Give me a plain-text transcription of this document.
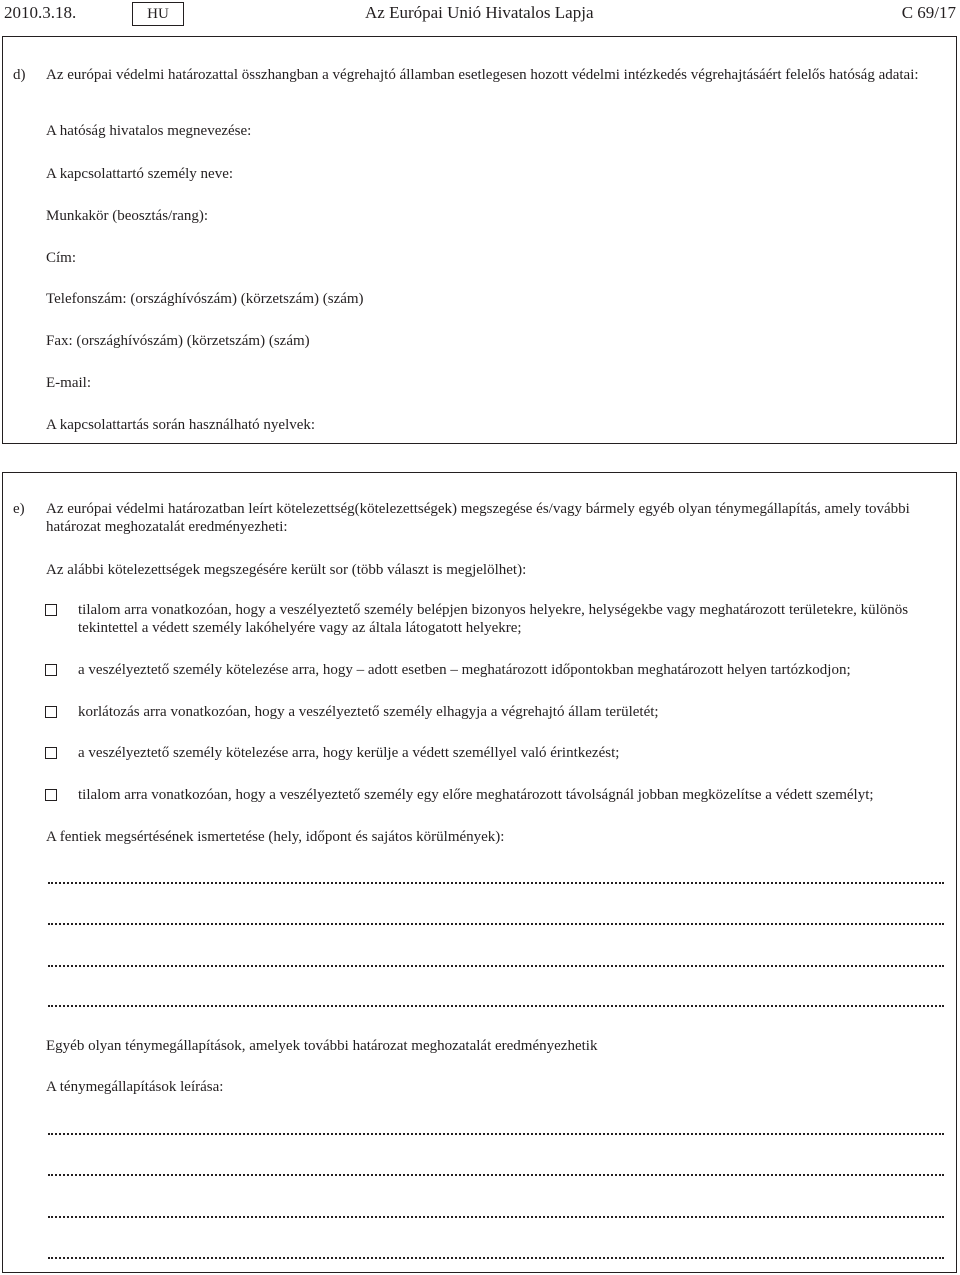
2010.3.18.	HU	Az Európai Unió Hivatalos Lapja	C 69/17
d) Az európai védelmi határozattal összhangban a végrehajtó államban esetlegesen hozott védelmi intézkedés végrehajtásáért felelős hatóság adatai:
A hatóság hivatalos megnevezése:
A kapcsolattartó személy neve:
Munkakör (beosztás/rang):
Cím:
Telefonszám: (országhívószám) (körzetszám) (szám)
Fax: (országhívószám) (körzetszám) (szám)
E-mail:
A kapcsolattartás során használható nyelvek:
e) Az európai védelmi határozatban leírt kötelezettség(kötelezettségek) megszegése és/vagy bármely egyéb olyan ténymegállapítás, amely további határozat meghozatalát eredményezheti:
Az alábbi kötelezettségek megszegésére került sor (több választ is megjelölhet):
tilalom arra vonatkozóan, hogy a veszélyeztető személy belépjen bizonyos helyekre, helységekbe vagy meghatározott területekre, különös tekintettel a védett személy lakóhelyére vagy az általa látogatott helyekre;
a veszélyeztető személy kötelezése arra, hogy – adott esetben – meghatározott időpontokban meghatározott helyen tartózkodjon;
korlátozás arra vonatkozóan, hogy a veszélyeztető személy elhagyja a végrehajtó állam területét;
a veszélyeztető személy kötelezése arra, hogy kerülje a védett személlyel való érintkezést;
tilalom arra vonatkozóan, hogy a veszélyeztető személy egy előre meghatározott távolságnál jobban megközelítse a védett személyt;
A fentiek megsértésének ismertetése (hely, időpont és sajátos körülmények):
Egyéb olyan ténymegállapítások, amelyek további határozat meghozatalát eredményezhetik
A ténymegállapítások leírása:
